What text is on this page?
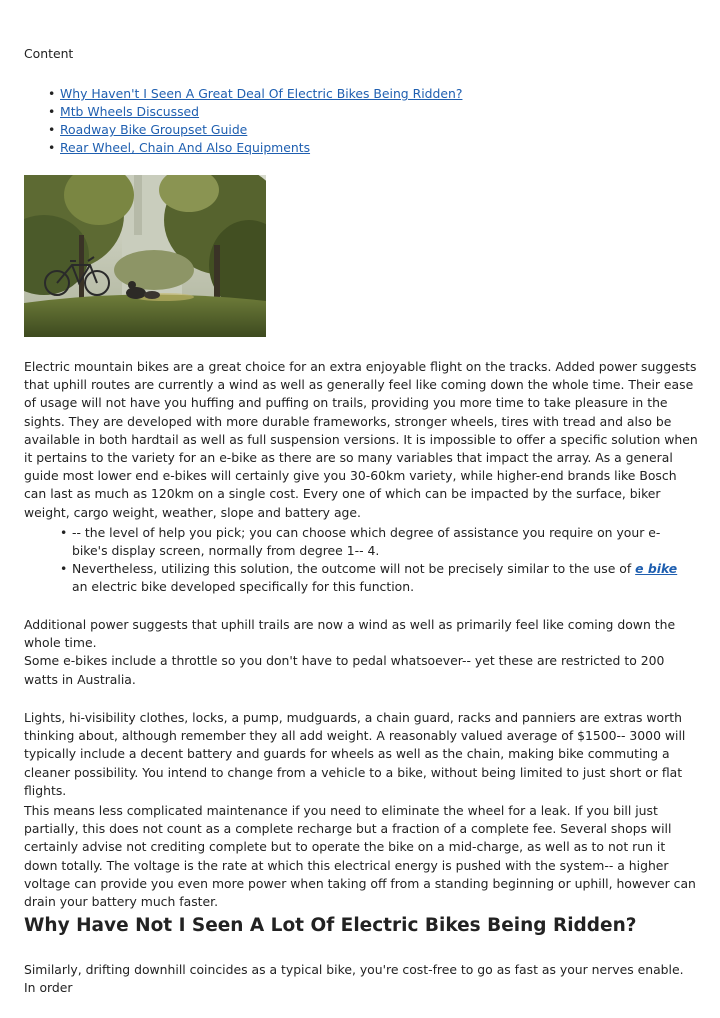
Content

• Why Haven't I Seen A Great Deal Of Electric Bikes Being Ridden?
• Mtb Wheels Discussed
• Roadway Bike Groupset Guide
• Rear Wheel, Chain And Also Equipments

Electric mountain bikes are a great choice for an extra enjoyable flight on the tracks. Added power suggests that uphill routes are currently a wind as well as generally feel like coming down the whole time. Their ease of usage will not have you huffing and puffing on trails, providing you more time to take pleasure in the sights. They are developed with more durable frameworks, stronger wheels, tires with tread and also be available in both hardtail as well as full suspension versions. It is impossible to offer a specific solution when it pertains to the variety for an e-bike as there are so many variables that impact the array. As a general guide most lower end e-bikes will certainly give you 30-60km variety, while higher-end brands like Bosch can last as much as 120km on a single cost. Every one of which can be impacted by the surface, biker weight, cargo weight, weather, slope and battery age.

• -- the level of help you pick; you can choose which degree of assistance you require on your e-bike's display screen, normally from degree 1-- 4.
• Nevertheless, utilizing this solution, the outcome will not be precisely similar to the use of e bike
an electric bike developed specifically for this function.

Additional power suggests that uphill trails are now a wind as well as primarily feel like coming down the whole time.
Some e-bikes include a throttle so you don't have to pedal whatsoever-- yet these are restricted to 200 watts in Australia.

Lights, hi-visibility clothes, locks, a pump, mudguards, a chain guard, racks and panniers are extras worth thinking about, although remember they all add weight. A reasonably valued average of $1500-- 3000 will typically include a decent battery and guards for wheels as well as the chain, making bike commuting a cleaner possibility. You intend to change from a vehicle to a bike, without being limited to just short or flat flights.

This means less complicated maintenance if you need to eliminate the wheel for a leak. If you bill just partially, this does not count as a complete recharge but a fraction of a complete fee. Several shops will certainly advise not crediting complete but to operate the bike on a mid-charge, as well as to not run it down totally. The voltage is the rate at which this electrical energy is pushed with the system-- a higher voltage can provide you even more power when taking off from a standing beginning or uphill, however can drain your battery much faster.

Why Have Not I Seen A Lot Of Electric Bikes Being Ridden?

Similarly, drifting downhill coincides as a typical bike, you're cost-free to go as fast as your nerves enable. In order
